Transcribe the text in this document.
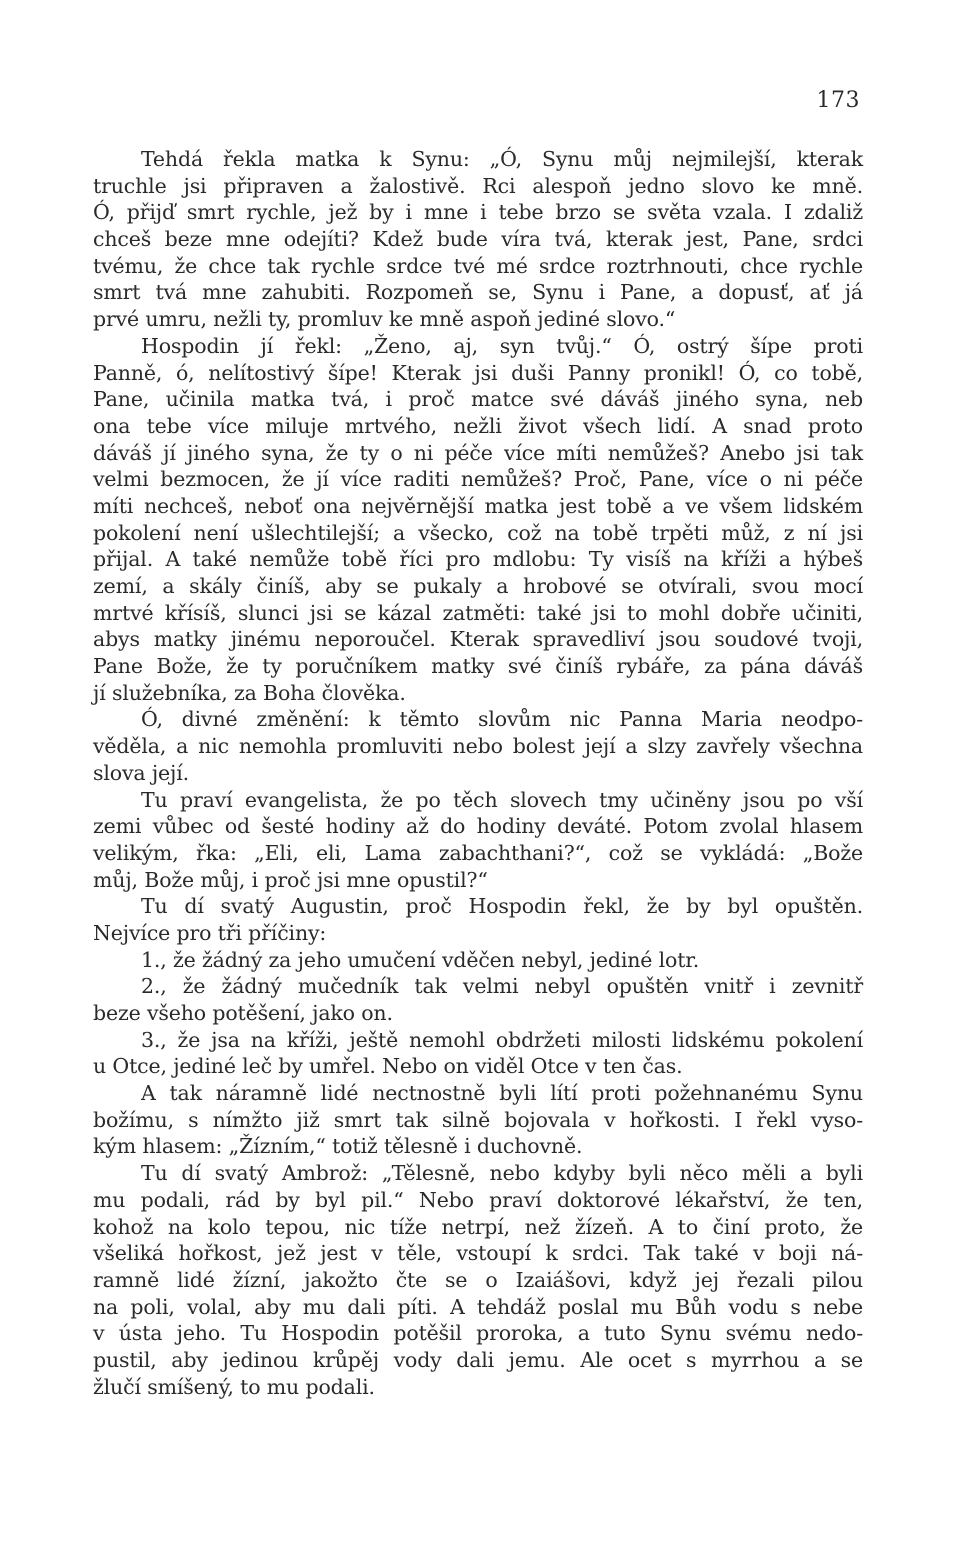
173
Tehdá řekla matka k Synu: „Ó, Synu můj nejmilejší, kterak
truchle jsi připraven a žalostivě. Rci alespoň jedno slovo ke mně.
Ó, přijď smrt rychle, jež by i mne i tebe brzo se světa vzala. I zdaliž
chceš beze mne odejíti? Kdež bude víra tvá, kterak jest, Pane, srdci
tvému, že chce tak rychle srdce tvé mé srdce roztrhnouti, chce rychle
smrt tvá mne zahubiti. Rozpomeň se, Synu i Pane, a dopusť, ať já
prvé umru, nežli ty, promluv ke mně aspoň jediné slovo.“
Hospodin jí řekl: „Ženo, aj, syn tvůj.“ Ó, ostrý šípe proti
Panně, ó, nelítostivý šípe! Kterak jsi duši Panny pronikl! Ó, co tobě,
Pane, učinila matka tvá, i proč matce své dáváš jiného syna, neb
ona tebe více miluje mrtvého, nežli život všech lidí. A snad proto
dáváš jí jiného syna, že ty o ni péče více míti nemůžeš? Anebo jsi tak
velmi bezmocen, že jí více raditi nemůžeš? Proč, Pane, více o ni péče
míti nechceš, neboť ona nejvěrnější matka jest tobě a ve všem lidském
pokolení není ušlechtilejší; a všecko, což na tobě trpěti můž, z ní jsi
přijal. A také nemůže tobě říci pro mdlobu: Ty visíš na kříži a hýbeš
zemí, a skály činíš, aby se pukaly a hrobové se otvírali, svou mocí
mrtvé křísíš, slunci jsi se kázal zatměti: také jsi to mohl dobře učiniti,
abys matky jinému neporoučel. Kterak spravedliví jsou soudové tvoji,
Pane Bože, že ty poručníkem matky své činíš rybáře, za pána dáváš
jí služebníka, za Boha člověka.
Ó, divné změnění: k těmto slovům nic Panna Maria neodpo-
věděla, a nic nemohla promluviti nebo bolest její a slzy zavřely všechna
slova její.
Tu praví evangelista, že po těch slovech tmy učiněny jsou po vší
zemi vůbec od šesté hodiny až do hodiny deváté. Potom zvolal hlasem
velikým, řka: „Eli, eli, Lama zabachthani?“, což se vykládá: „Bože
můj, Bože můj, i proč jsi mne opustil?“
Tu dí svatý Augustin, proč Hospodin řekl, že by byl opuštěn.
Nejvíce pro tři příčiny:
1., že žádný za jeho umučení vděčen nebyl, jediné lotr.
2., že žádný mučedník tak velmi nebyl opuštěn vnitř i zevnitř
beze všeho potěšení, jako on.
3., že jsa na kříži, ještě nemohl obdržeti milosti lidskému pokolení
u Otce, jediné leč by umřel. Nebo on viděl Otce v ten čas.
A tak náramně lidé nectnostně byli lítí proti požehnanému Synu
božímu, s nímžto již smrt tak silně bojovala v hořkosti. I řekl vyso-
kým hlasem: „Žízním,“ totiž tělesně i duchovně.
Tu dí svatý Ambrož: „Tělesně, nebo kdyby byli něco měli a byli
mu podali, rád by byl pil.“ Nebo praví doktorové lékařství, že ten,
kohož na kolo tepou, nic tíže netrpí, než žízeň. A to činí proto, že
všeliká hořkost, jež jest v těle, vstoupí k srdci. Tak také v boji ná-
ramně lidé žízní, jakožto čte se o Izaiášovi, když jej řezali pilou
na poli, volal, aby mu dali píti. A tehdáž poslal mu Bůh vodu s nebe
v ústa jeho. Tu Hospodin potěšil proroka, a tuto Synu svému nedo-
pustil, aby jedinou krůpěj vody dali jemu. Ale ocet s myrrhou a se
žlučí smíšený, to mu podali.
